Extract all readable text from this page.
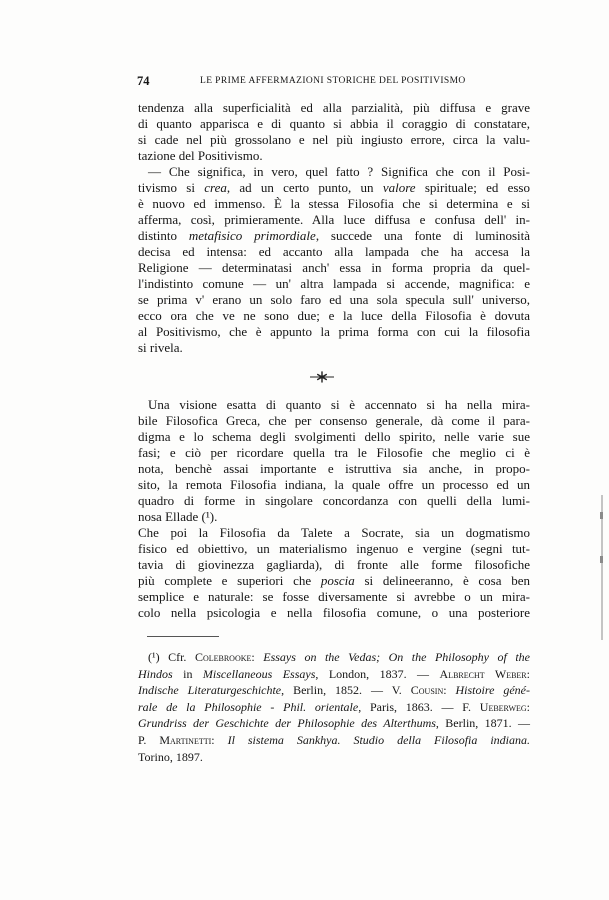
74	LE PRIME AFFERMAZIONI STORICHE DEL POSITIVISMO
tendenza alla superficialità ed alla parzialità, più diffusa e grave
di quanto apparisca e di quanto si abbia il coraggio di constatare,
si cade nel più grossolano e nel più ingiusto errore, circa la valu-
tazione del Positivismo.
— Che significa, in vero, quel fatto ? Significa che con il Posi-
tivismo si crea, ad un certo punto, un valore spirituale; ed esso
è nuovo ed immenso. È la stessa Filosofia che si determina e si
afferma, così, primieramente. Alla luce diffusa e confusa dell' in-
distinto metafisico primordiale, succede una fonte di luminosità
decisa ed intensa: ed accanto alla lampada che ha accesa la
Religione — determinatasi anch' essa in forma propria da quel-
l'indistinto comune — un' altra lampada si accende, magnifica: e
se prima v' erano un solo faro ed una sola specula sull' universo,
ecco ora che ve ne sono due; e la luce della Filosofia è dovuta
al Positivismo, che è appunto la prima forma con cui la filosofia
si rivela.
Una visione esatta di quanto si è accennato si ha nella mira-
bile Filosofica Greca, che per consenso generale, dà come il para-
digma e lo schema degli svolgimenti dello spirito, nelle varie sue
fasi; e ciò per ricordare quella tra le Filosofie che meglio ci è
nota, benchè assai importante e istruttiva sia anche, in propo-
sito, la remota Filosofia indiana, la quale offre un processo ed un
quadro di forme in singolare concordanza con quelli della lumi-
nosa Ellade (¹).
Che poi la Filosofia da Talete a Socrate, sia un dogmatismo
fisico ed obiettivo, un materialismo ingenuo e vergine (segni tut-
tavia di giovinezza gagliarda), di fronte alle forme filosofiche
più complete e superiori che poscia si delineeranno, è cosa ben
semplice e naturale: se fosse diversamente si avrebbe o un mira-
colo nella psicologia e nella filosofia comune, o una posteriore
(¹) Cfr. Colebrooke: Essays on the Vedas; On the Philosophy of the
Hindos in Miscellaneous Essays, London, 1837. — Albrecht Weber:
Indische Literaturgeschichte, Berlin, 1852. — V. Cousin: Histoire géné-
rale de la Philosophie - Phil. orientale, Paris, 1863. — F. Ueberweg:
Grundriss der Geschichte der Philosophie des Alterthums, Berlin, 1871. —
P. Martinetti: Il sistema Sankhya. Studio della Filosofia indiana.
Torino, 1897.
